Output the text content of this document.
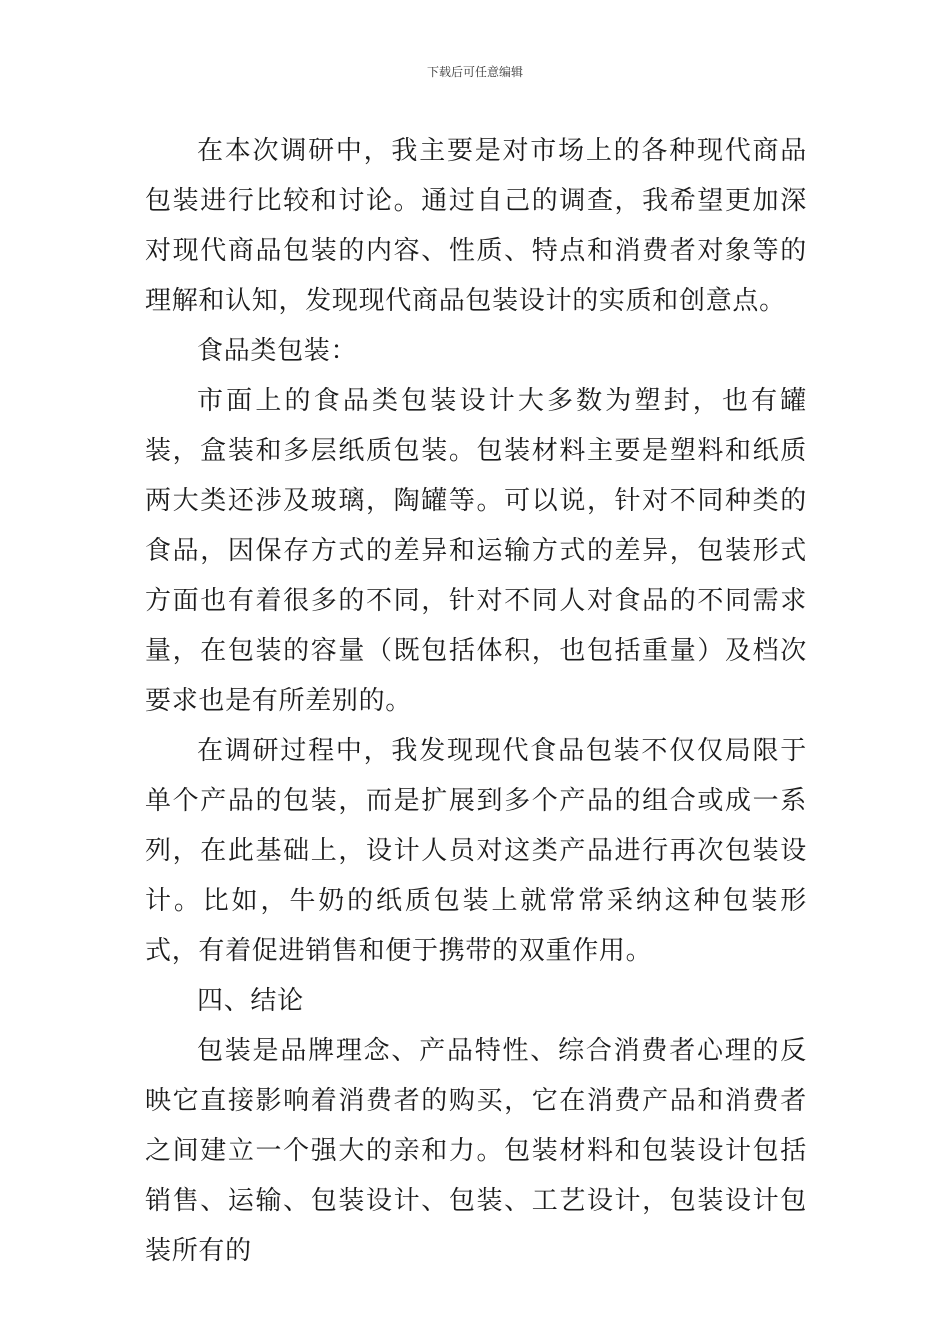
下载后可任意编辑

在本次调研中，我主要是对市场上的各种现代商品包装进行比较和讨论。通过自己的调查，我希望更加深对现代商品包装的内容、性质、特点和消费者对象等的理解和认知，发现现代商品包装设计的实质和创意点。

食品类包装：

市面上的食品类包装设计大多数为塑封，也有罐装，盒装和多层纸质包装。包装材料主要是塑料和纸质两大类还涉及玻璃，陶罐等。可以说，针对不同种类的食品，因保存方式的差异和运输方式的差异，包装形式方面也有着很多的不同，针对不同人对食品的不同需求量，在包装的容量（既包括体积，也包括重量）及档次要求也是有所差别的。

在调研过程中，我发现现代食品包装不仅仅局限于单个产品的包装，而是扩展到多个产品的组合或成一系列，在此基础上，设计人员对这类产品进行再次包装设计。比如，牛奶的纸质包装上就常常采纳这种包装形式，有着促进销售和便于携带的双重作用。

四、结论

包装是品牌理念、产品特性、综合消费者心理的反映它直接影响着消费者的购买，它在消费产品和消费者之间建立一个强大的亲和力。包装材料和包装设计包括销售、运输、包装设计、包装、工艺设计，包装设计包装所有的
